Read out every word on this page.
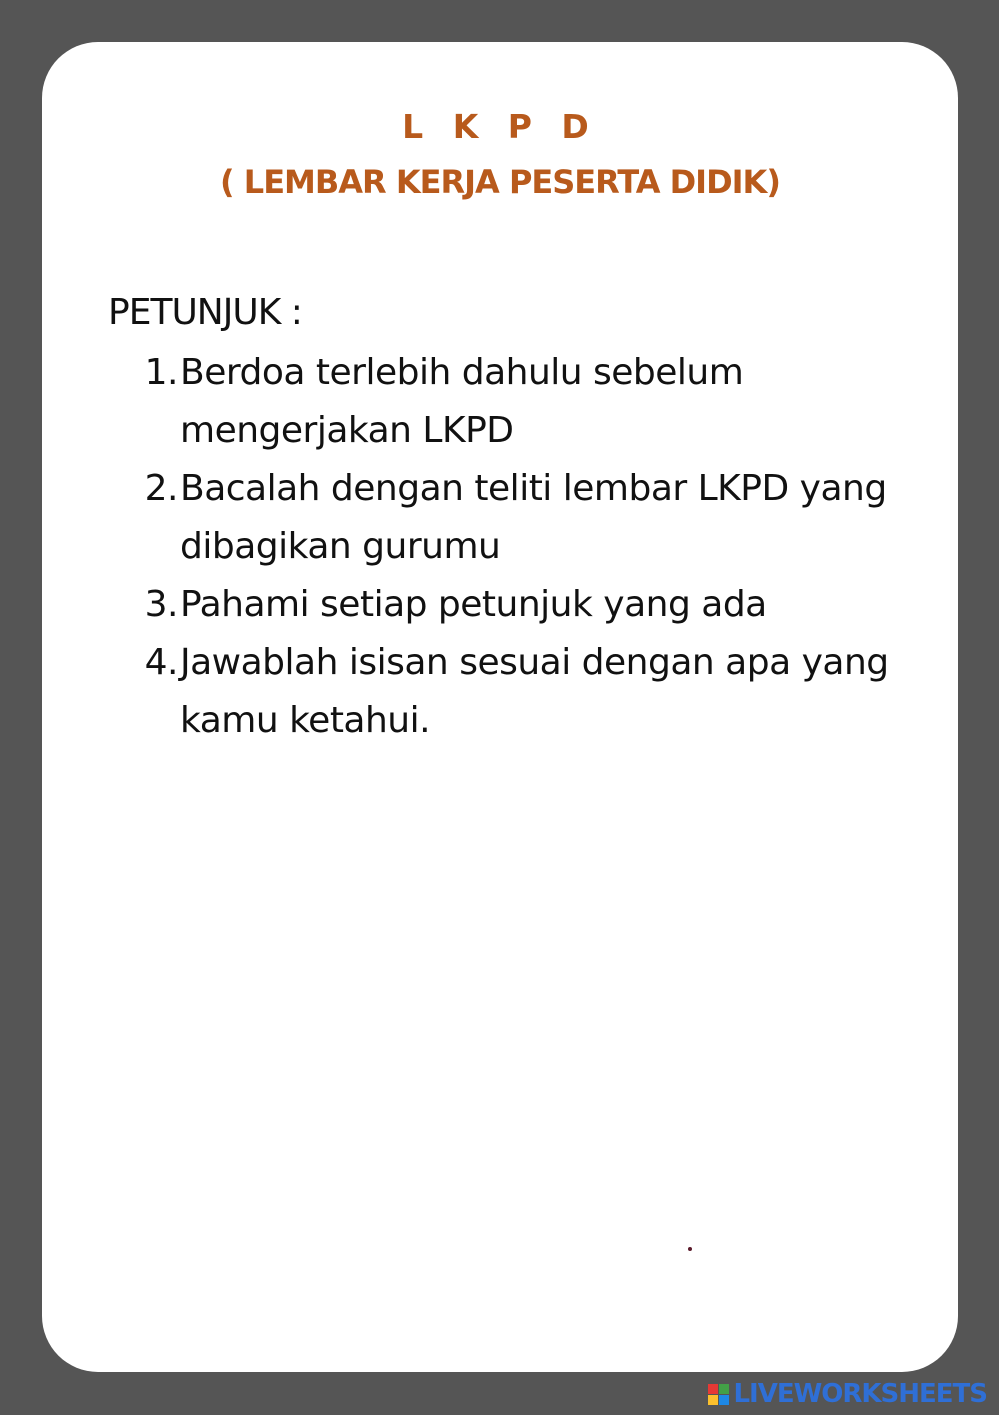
L K P D
( LEMBAR KERJA PESERTA DIDIK)
PETUNJUK :
1. Berdoa terlebih dahulu sebelum mengerjakan LKPD
2. Bacalah dengan teliti lembar LKPD yang dibagikan gurumu
3. Pahami setiap petunjuk yang ada
4. Jawablah isisan sesuai dengan apa yang kamu ketahui.
LIVEWORKSHEETS
